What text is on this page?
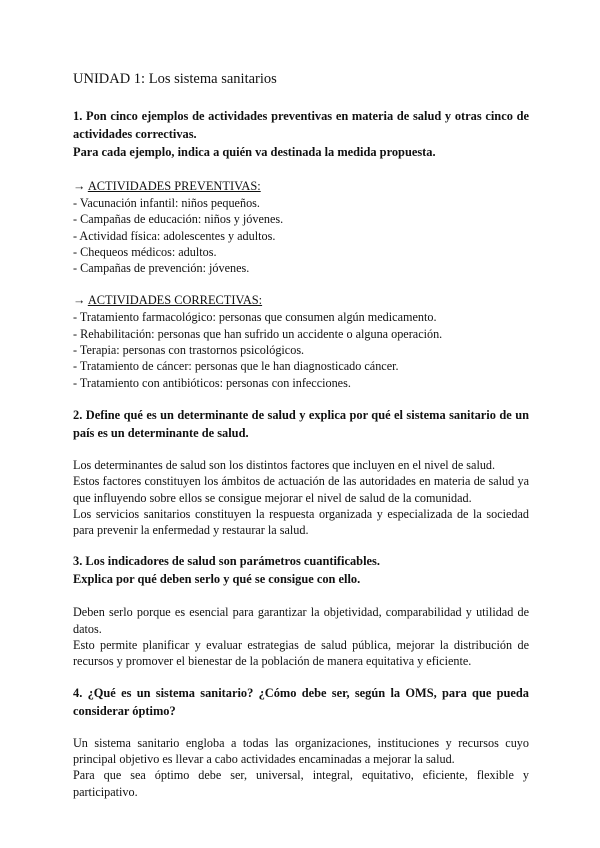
UNIDAD 1: Los sistema sanitarios

1. Pon cinco ejemplos de actividades preventivas en materia de salud y otras cinco de actividades correctivas.

Para cada ejemplo, indica a quién va destinada la medida propuesta.

→ ACTIVIDADES PREVENTIVAS:

- Vacunación infantil: niños pequeños.
- Campañas de educación: niños y jóvenes.
- Actividad física: adolescentes y adultos.
- Chequeos médicos: adultos.
- Campañas de prevención: jóvenes.

→ ACTIVIDADES CORRECTIVAS:

- Tratamiento farmacológico: personas que consumen algún medicamento.
- Rehabilitación: personas que han sufrido un accidente o alguna operación.
- Terapia: personas con trastornos psicológicos.
- Tratamiento de cáncer: personas que le han diagnosticado cáncer.
- Tratamiento con antibióticos: personas con infecciones.

2. Define qué es un determinante de salud y explica por qué el sistema sanitario de un país es un determinante de salud.

Los determinantes de salud son los distintos factores que incluyen en el nivel de salud.

Estos factores constituyen los ámbitos de actuación de las autoridades en materia de salud ya que influyendo sobre ellos se consigue mejorar el nivel de salud de la comunidad.

Los servicios sanitarios constituyen la respuesta organizada y especializada de la sociedad para prevenir la enfermedad y restaurar la salud.

3. Los indicadores de salud son parámetros cuantificables.

Explica por qué deben serlo y qué se consigue con ello.

Deben serlo porque es esencial para garantizar la objetividad, comparabilidad y utilidad de datos.

Esto permite planificar y evaluar estrategias de salud pública, mejorar la distribución de recursos y promover el bienestar de la población de manera equitativa y eficiente.

4. ¿Qué es un sistema sanitario? ¿Cómo debe ser, según la OMS, para que pueda considerar óptimo?

Un sistema sanitario engloba a todas las organizaciones, instituciones y recursos cuyo principal objetivo es llevar a cabo actividades encaminadas a mejorar la salud.

Para que sea óptimo debe ser, universal, integral, equitativo, eficiente, flexible y participativo.
